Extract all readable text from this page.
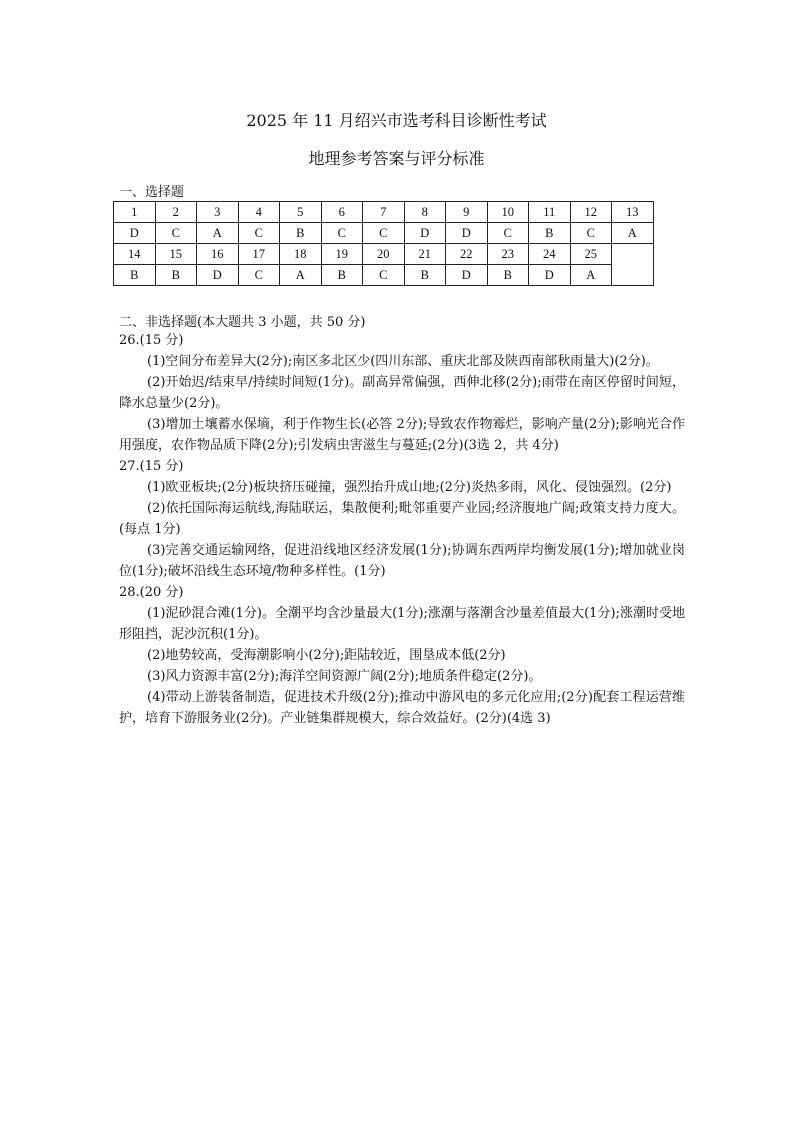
2025 年 11 月绍兴市选考科目诊断性考试
地理参考答案与评分标准
一、选择题
1	2	3	4	5	6	7	8	9	10	11	12	13
D	C	A	C	B	C	C	D	D	C	B	C	A
14	15	16	17	18	19	20	21	22	23	24	25	
B	B	D	C	A	B	C	B	D	B	D	A	
二、非选择题(本大题共 3 小题，共 50 分)

26.(15 分)

(1)空间分布差异大(2分);南区多北区少(四川东部、重庆北部及陕西南部秋雨量大)(2分)。

(2)开始迟/结束早/持续时间短(1分)。副高异常偏强，西伸北移(2分);雨带在南区停留时间短，降水总量少(2分)。

(3)增加土壤蓄水保墒，利于作物生长(必答 2分);导致农作物霉烂，影响产量(2分);影响光合作用强度，农作物品质下降(2分);引发病虫害滋生与蔓延;(2分)(3选 2，共 4分)

27.(15 分)

(1)欧亚板块;(2分)板块挤压碰撞，强烈抬升成山地;(2分)炎热多雨，风化、侵蚀强烈。(2分)

(2)依托国际海运航线,海陆联运，集散便利;毗邻重要产业园;经济腹地广阔;政策支持力度大。(每点 1分)

(3)完善交通运输网络，促进沿线地区经济发展(1分);协调东西两岸均衡发展(1分);增加就业岗位(1分);破坏沿线生态环境/物种多样性。(1分)

28.(20 分)

(1)泥砂混合滩(1分)。全潮平均含沙量最大(1分);涨潮与落潮含沙量差值最大(1分);涨潮时受地形阻挡，泥沙沉积(1分)。

(2)地势较高，受海潮影响小(2分);距陆较近，围垦成本低(2分)

(3)风力资源丰富(2分);海洋空间资源广阔(2分);地质条件稳定(2分)。

(4)带动上游装备制造，促进技术升级(2分);推动中游风电的多元化应用;(2分)配套工程运营维护，培育下游服务业(2分)。产业链集群规模大，综合效益好。(2分)(4选 3)
